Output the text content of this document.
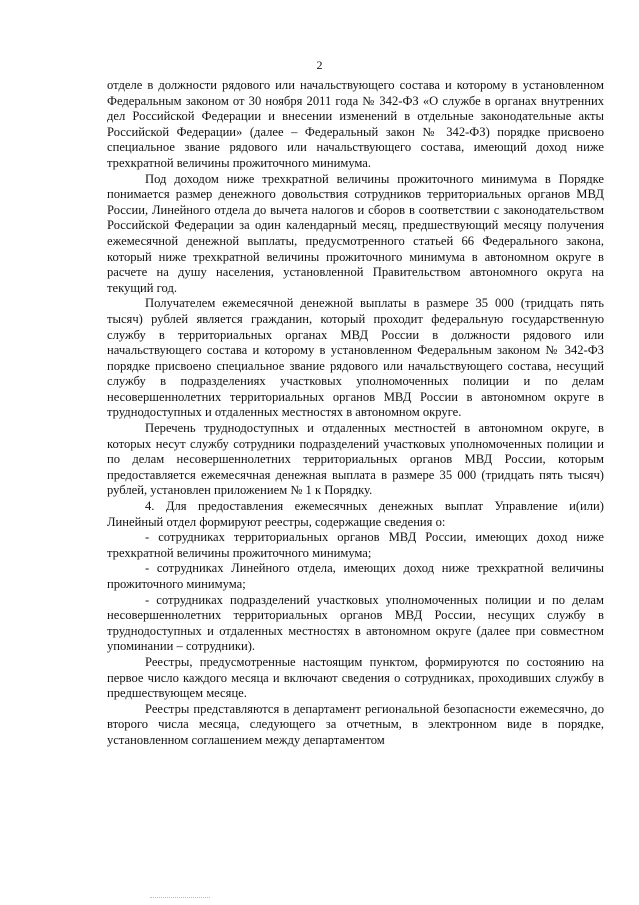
2

отделе в должности рядового или начальствующего состава и которому в установленном Федеральным законом от 30 ноября 2011 года № 342-ФЗ «О службе в органах внутренних дел Российской Федерации и внесении изменений в отдельные законодательные акты Российской Федерации» (далее – Федеральный закон № 342-ФЗ) порядке присвоено специальное звание рядового или начальствующего состава, имеющий доход ниже трехкратной величины прожиточного минимума.

Под доходом ниже трехкратной величины прожиточного минимума в Порядке понимается размер денежного довольствия сотрудников территориальных органов МВД России, Линейного отдела до вычета налогов и сборов в соответствии с законодательством Российской Федерации за один календарный месяц, предшествующий месяцу получения ежемесячной денежной выплаты, предусмотренного статьей 66 Федерального закона, который ниже трехкратной величины прожиточного минимума в автономном округе в расчете на душу населения, установленной Правительством автономного округа на текущий год.

Получателем ежемесячной денежной выплаты в размере 35 000 (тридцать пять тысяч) рублей является гражданин, который проходит федеральную государственную службу в территориальных органах МВД России в должности рядового или начальствующего состава и которому в установленном Федеральным законом № 342-ФЗ порядке присвоено специальное звание рядового или начальствующего состава, несущий службу в подразделениях участковых уполномоченных полиции и по делам несовершеннолетних территориальных органов МВД России в автономном округе в труднодоступных и отдаленных местностях в автономном округе.

Перечень труднодоступных и отдаленных местностей в автономном округе, в которых несут службу сотрудники подразделений участковых уполномоченных полиции и по делам несовершеннолетних территориальных органов МВД России, которым предоставляется ежемесячная денежная выплата в размере 35 000 (тридцать пять тысяч) рублей, установлен приложением № 1 к Порядку.

4. Для предоставления ежемесячных денежных выплат Управление и(или) Линейный отдел формируют реестры, содержащие сведения о:

- сотрудниках территориальных органов МВД России, имеющих доход ниже трехкратной величины прожиточного минимума;

- сотрудниках Линейного отдела, имеющих доход ниже трехкратной величины прожиточного минимума;

- сотрудниках подразделений участковых уполномоченных полиции и по делам несовершеннолетних территориальных органов МВД России, несущих службу в труднодоступных и отдаленных местностях в автономном округе (далее при совместном упоминании – сотрудники).

Реестры, предусмотренные настоящим пунктом, формируются по состоянию на первое число каждого месяца и включают сведения о сотрудниках, проходивших службу в предшествующем месяце.

Реестры представляются в департамент региональной безопасности ежемесячно, до второго числа месяца, следующего за отчетным, в электронном виде в порядке, установленном соглашением между департаментом
